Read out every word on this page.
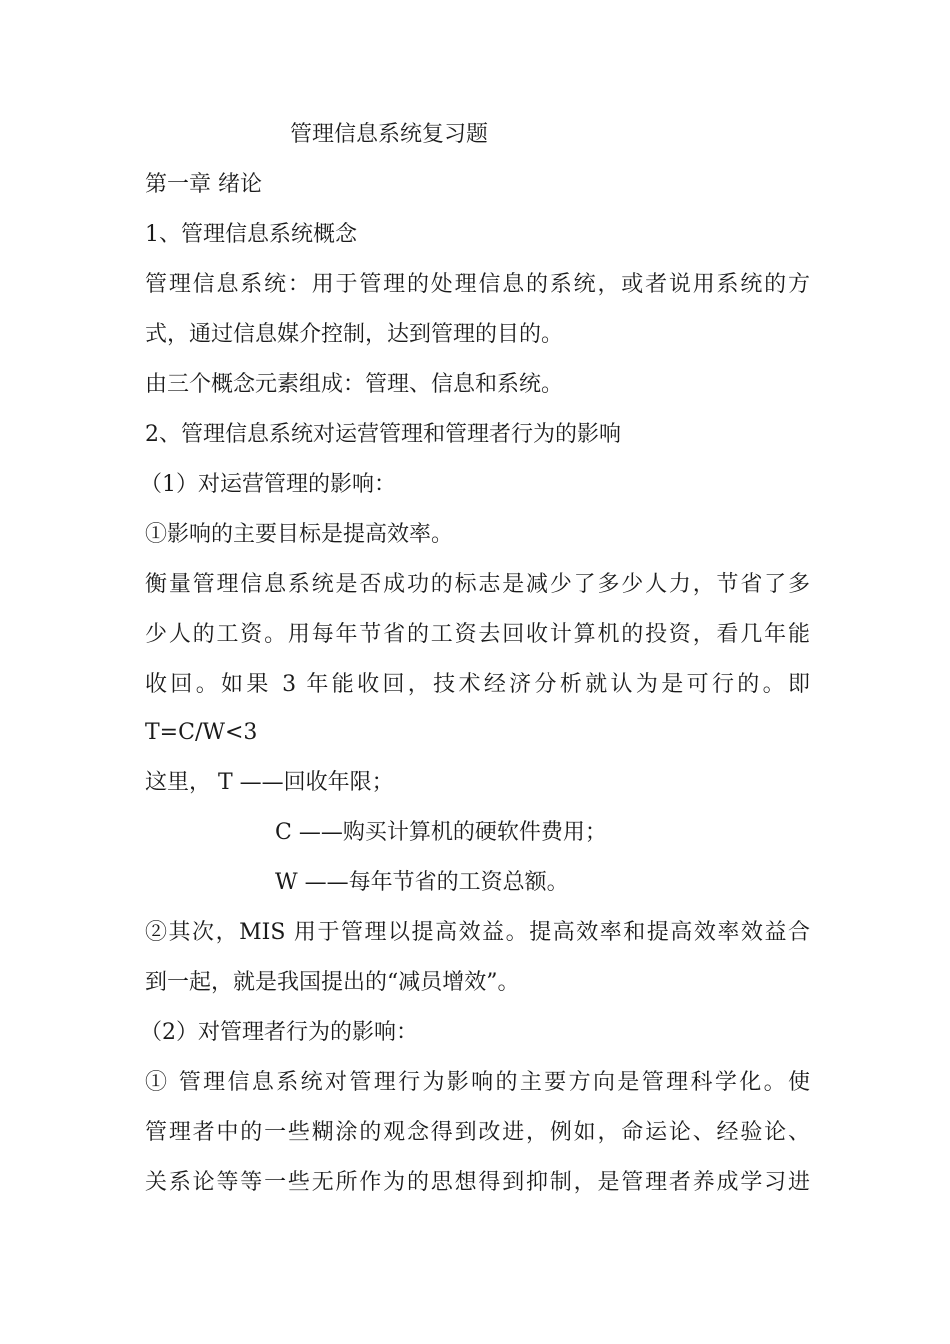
管理信息系统复习题
第一章 绪论
1、管理信息系统概念
管理信息系统：用于管理的处理信息的系统，或者说用系统的方
式，通过信息媒介控制，达到管理的目的。
由三个概念元素组成：管理、信息和系统。
2、管理信息系统对运营管理和管理者行为的影响
（1）对运营管理的影响：
①影响的主要目标是提高效率。
衡量管理信息系统是否成功的标志是减少了多少人力，节省了多
少人的工资。用每年节省的工资去回收计算机的投资，看几年能
收回。如果 3 年能收回，技术经济分析就认为是可行的。即
T=C/W<3
这里， T ——回收年限；
C ——购买计算机的硬软件费用；
W ——每年节省的工资总额。
②其次，MIS 用于管理以提高效益。提高效率和提高效率效益合
到一起，就是我国提出的“减员增效”。
（2）对管理者行为的影响：
① 管理信息系统对管理行为影响的主要方向是管理科学化。使
管理者中的一些糊涂的观念得到改进，例如，命运论、经验论、
关系论等等一些无所作为的思想得到抑制，是管理者养成学习进
